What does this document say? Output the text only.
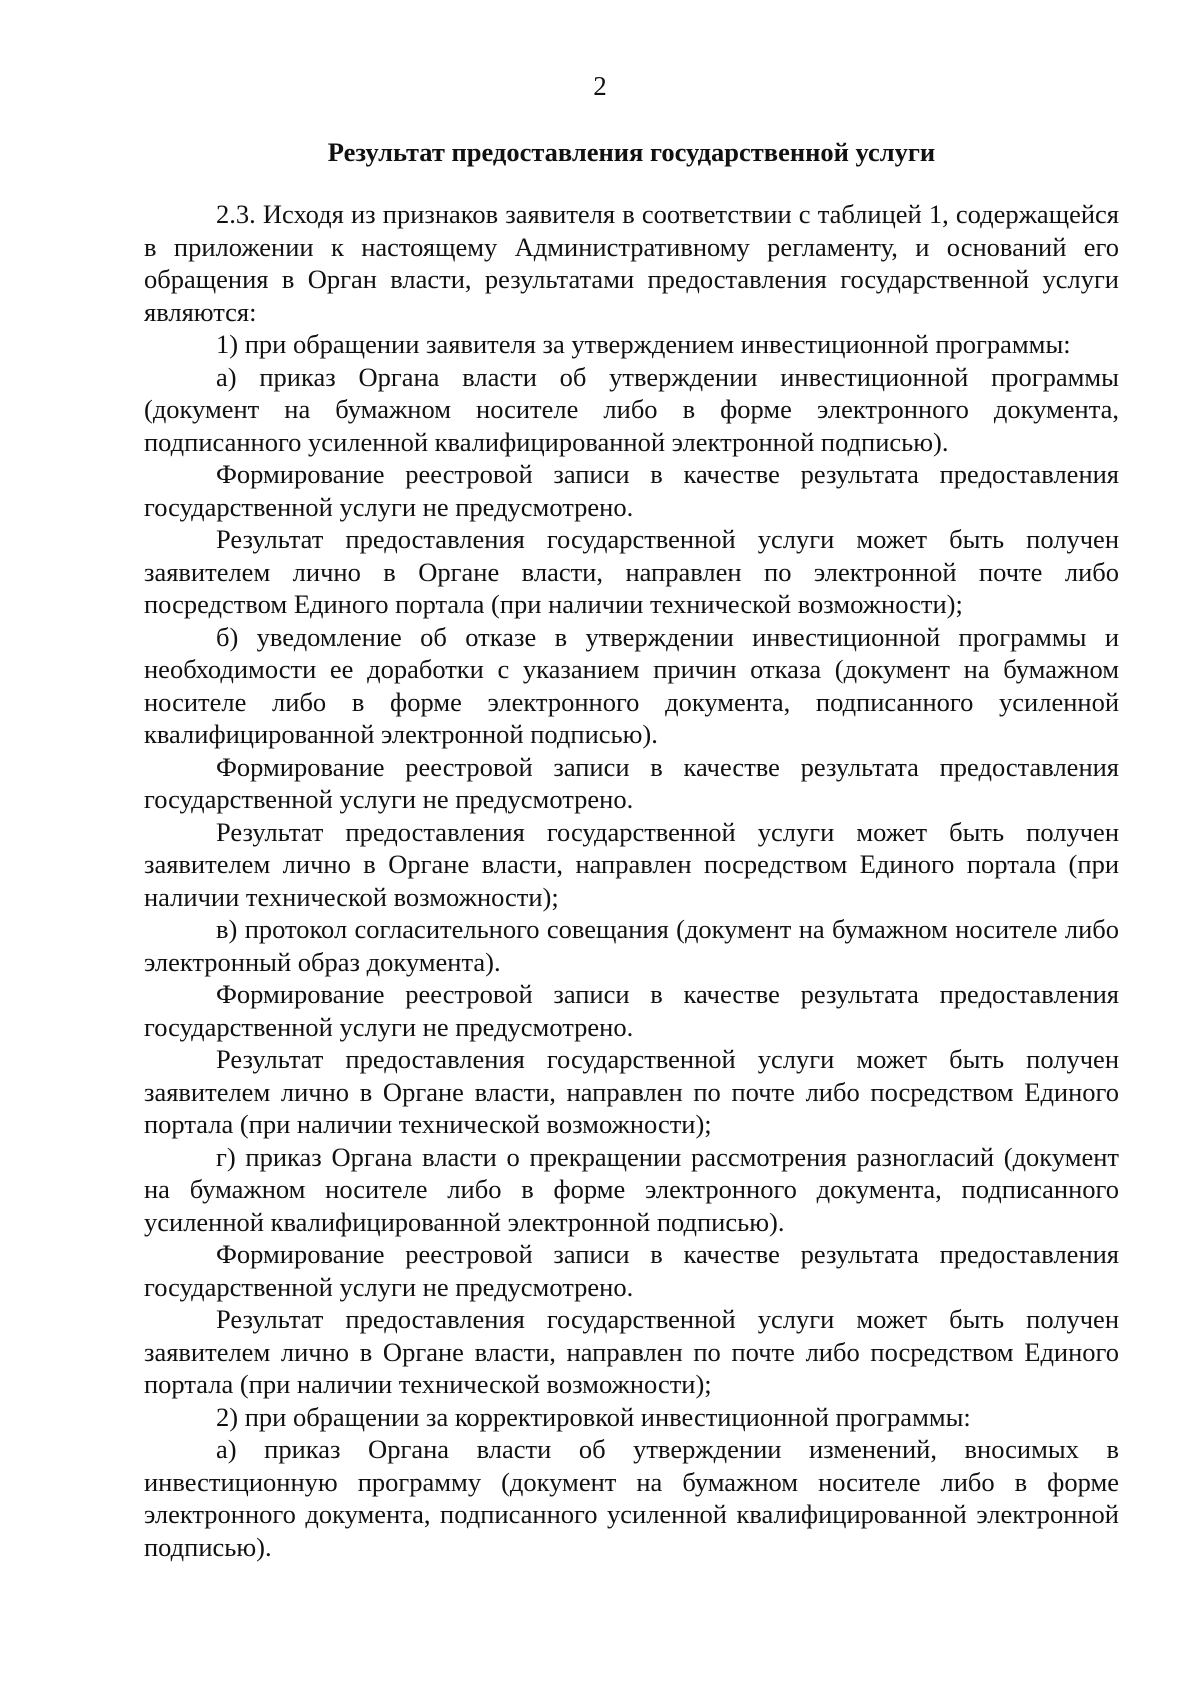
2
Результат предоставления государственной услуги

2.3. Исходя из признаков заявителя в соответствии с таблицей 1, содержащейся в приложении к настоящему Административному регламенту, и оснований его обращения в Орган власти, результатами предоставления государственной услуги являются:

1) при обращении заявителя за утверждением инвестиционной программы:

а) приказ Органа власти об утверждении инвестиционной программы (документ на бумажном носителе либо в форме электронного документа, подписанного усиленной квалифицированной электронной подписью).

Формирование реестровой записи в качестве результата предоставления государственной услуги не предусмотрено.

Результат предоставления государственной услуги может быть получен заявителем лично в Органе власти, направлен по электронной почте либо посредством Единого портала (при наличии технической возможности);

б) уведомление об отказе в утверждении инвестиционной программы и необходимости ее доработки с указанием причин отказа (документ на бумажном носителе либо в форме электронного документа, подписанного усиленной квалифицированной электронной подписью).

Формирование реестровой записи в качестве результата предоставления государственной услуги не предусмотрено.

Результат предоставления государственной услуги может быть получен заявителем лично в Органе власти, направлен посредством Единого портала (при наличии технической возможности);

в) протокол согласительного совещания (документ на бумажном носителе либо электронный образ документа).

Формирование реестровой записи в качестве результата предоставления государственной услуги не предусмотрено.

Результат предоставления государственной услуги может быть получен заявителем лично в Органе власти, направлен по почте либо посредством Единого портала (при наличии технической возможности);

г) приказ Органа власти о прекращении рассмотрения разногласий (документ на бумажном носителе либо в форме электронного документа, подписанного усиленной квалифицированной электронной подписью).

Формирование реестровой записи в качестве результата предоставления государственной услуги не предусмотрено.

Результат предоставления государственной услуги может быть получен заявителем лично в Органе власти, направлен по почте либо посредством Единого портала (при наличии технической возможности);

2) при обращении за корректировкой инвестиционной программы:

а) приказ Органа власти об утверждении изменений, вносимых в инвестиционную программу (документ на бумажном носителе либо в форме электронного документа, подписанного усиленной квалифицированной электронной подписью).
